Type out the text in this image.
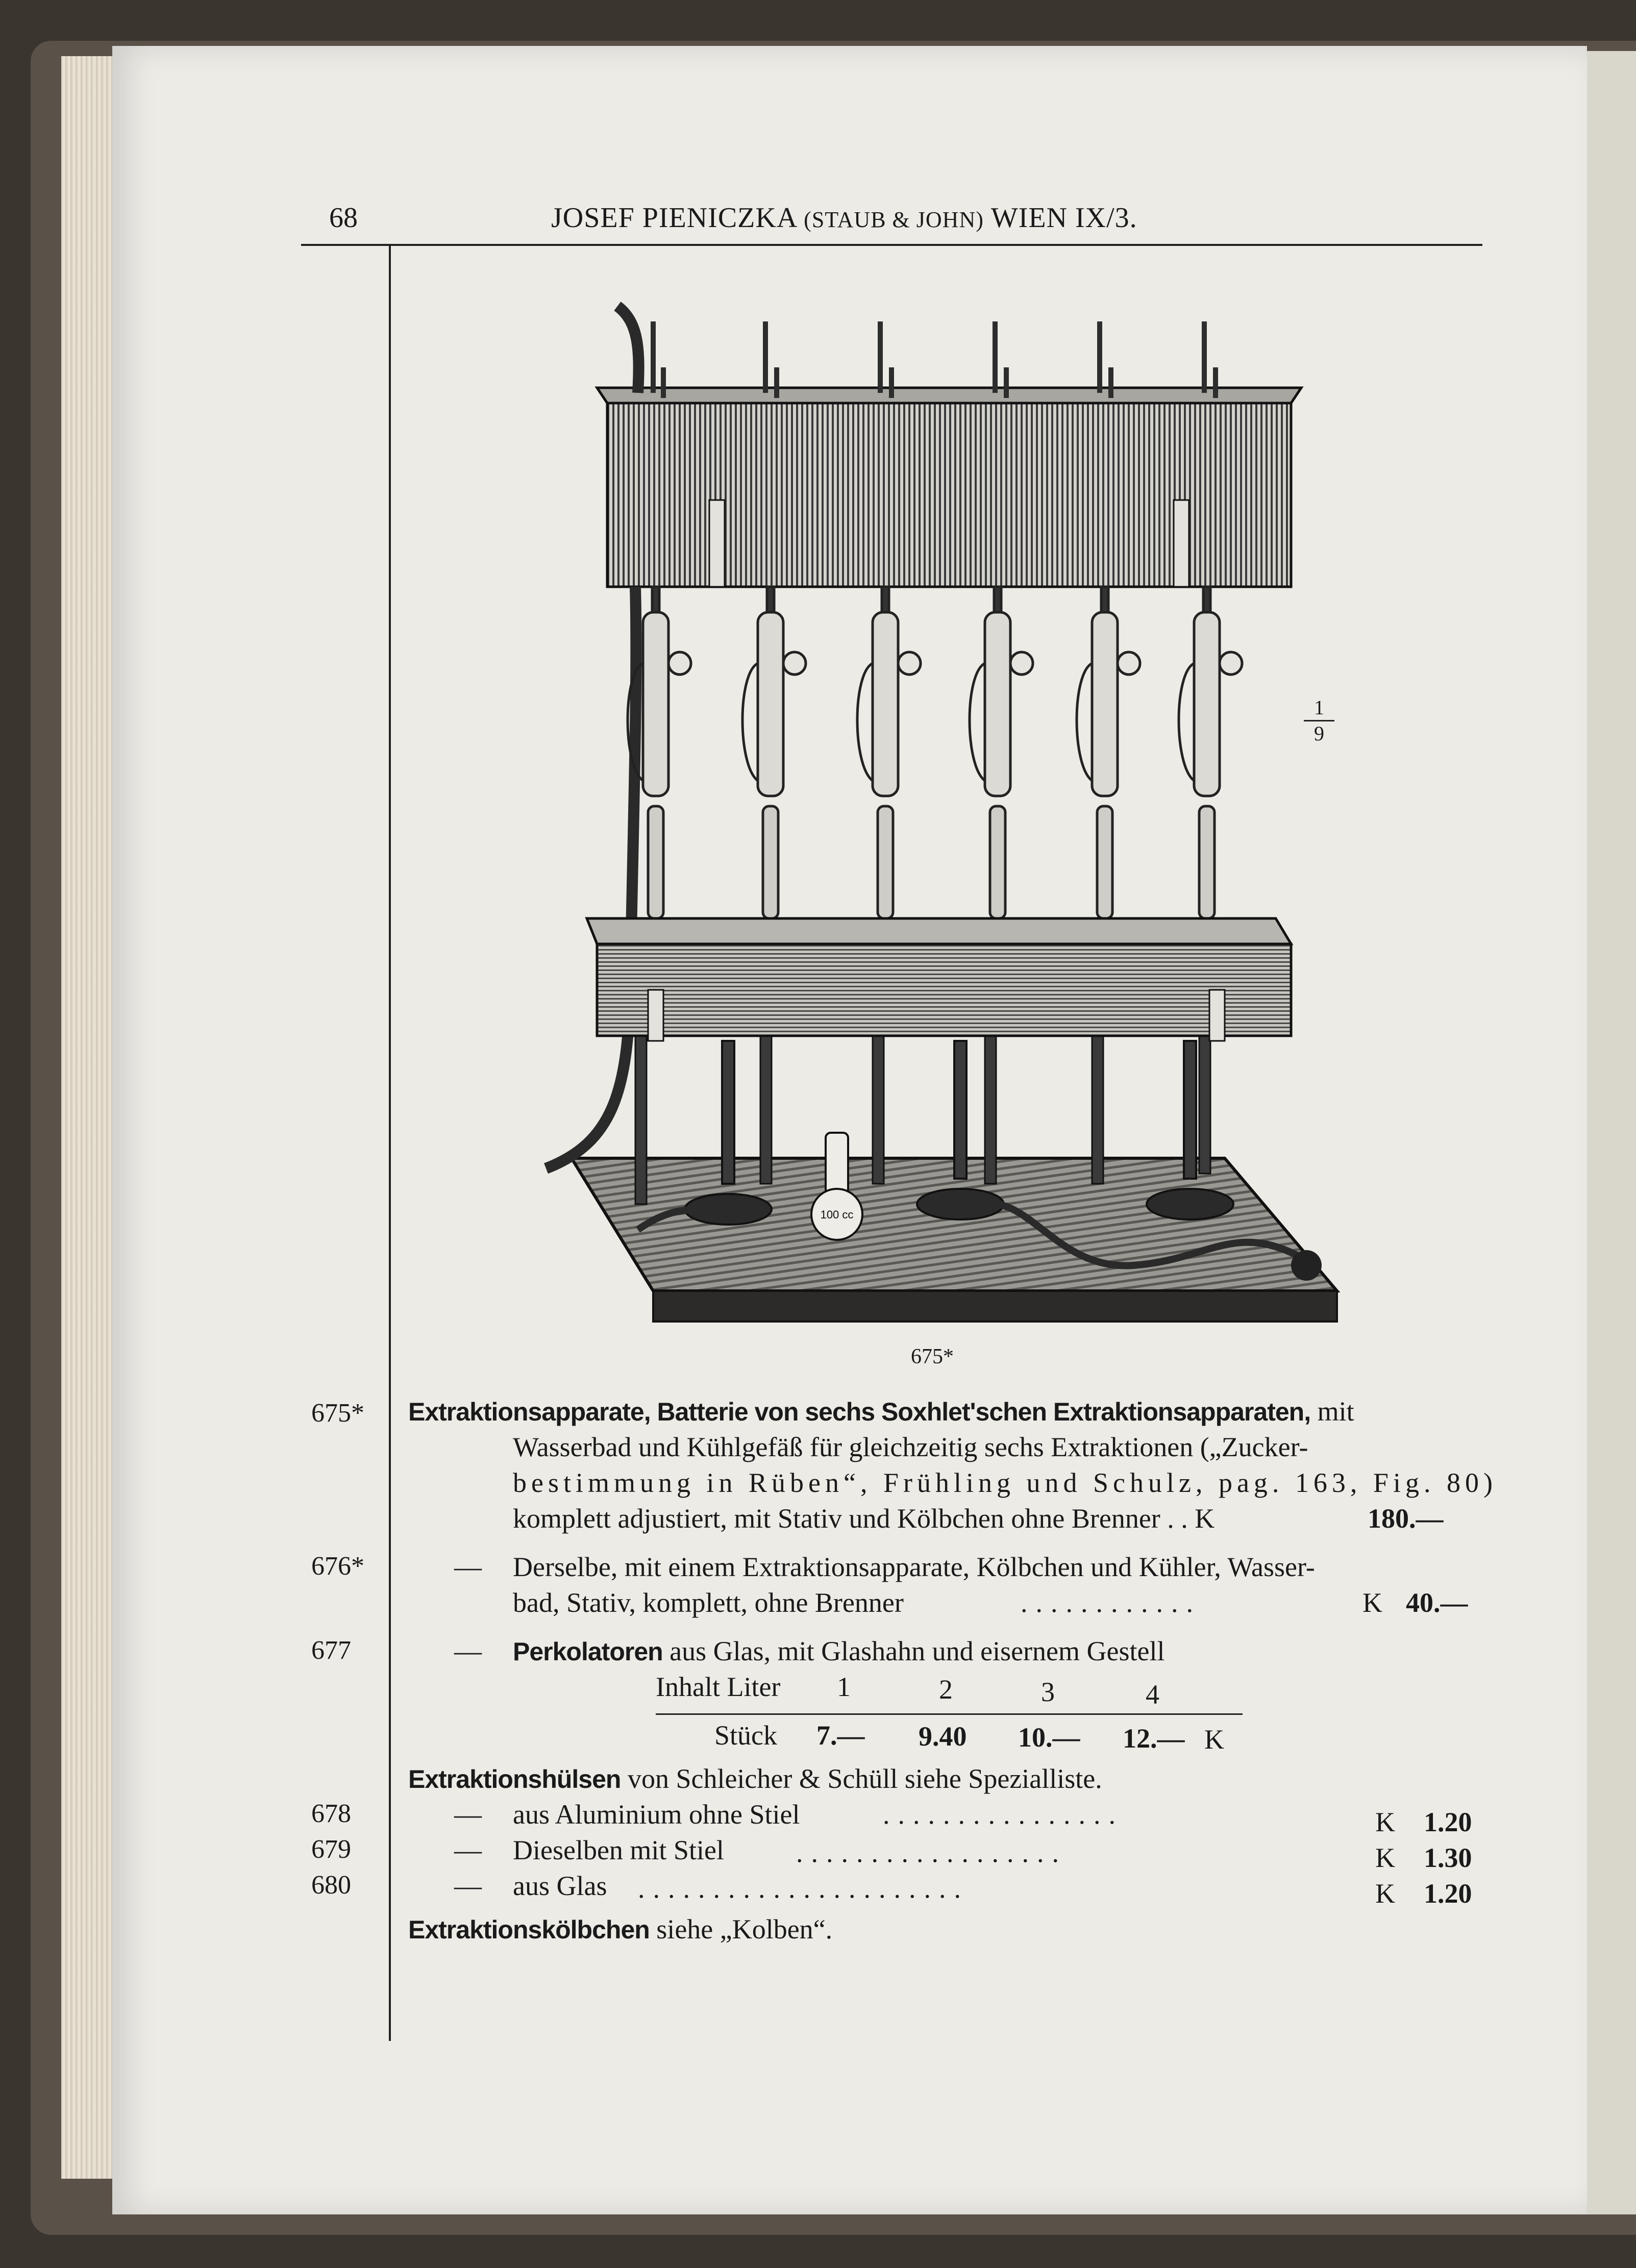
68	JOSEF PIENICZKA (STAUB & JOHN) WIEN IX/3.
100 cc
1
9
675*
675* Extraktionsapparate, Batterie von sechs Soxhlet'schen Extraktionsapparaten, mit
Wasserbad und Kühlgefäß für gleichzeitig sechs Extraktionen („Zucker-
bestimmung in Rüben“, Frühling und Schulz, pag. 163, Fig. 80)
komplett adjustiert, mit Stativ und Kölbchen ohne Brenner . . K	180.—
676*	— Derselbe, mit einem Extraktionsapparate, Kölbchen und Kühler, Wasser-
bad, Stativ, komplett, ohne Brenner	............	K 40.—
677	— Perkolatoren aus Glas, mit Glashahn und eisernem Gestell
Inhalt Liter 1	2	3	4
Stück 7.— 9.40 10.— 12.— K
Extraktionshülsen von Schleicher & Schüll siehe Spezialliste.
678	— aus Aluminium ohne Stiel	................	K 1.20
679	— Dieselben mit Stiel	..................	K 1.30
680	— aus Glas ......................	K 1.20
Extraktionskölbchen siehe „Kolben“.
